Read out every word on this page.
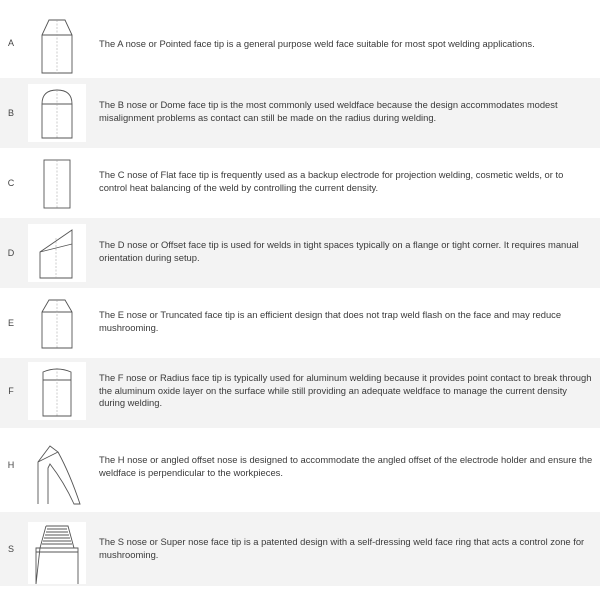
A	The A nose or Pointed face tip is a general purpose weld face suitable for most spot welding applications.
B
The B nose or Dome face tip is the most commonly used weldface because the design accommodates modest misalignment problems as contact can still be made on the radius during welding.
C
The C nose of Flat face tip is frequently used as a backup electrode for projection welding, cosmetic welds, or to control heat balancing of the weld by controlling the current density.
D
The D nose or Offset face tip is used for welds in tight spaces typically on a flange or tight corner. It requires manual orientation during setup.
E
The E nose or Truncated face tip is an efficient design that does not trap weld flash on the face and may reduce mushrooming.
F
The F nose or Radius face tip is typically used for aluminum welding because it provides point contact to break through the aluminum oxide layer on the surface while still providing an adequate weldface to manage the current density during welding.
H	The H nose or angled offset nose is designed to accommodate the angled offset of the electrode holder and ensure the weldface is perpendicular to the workpieces.
S
The S nose or Super nose face tip is a patented design with a self-dressing weld face ring that acts a control zone for mushrooming.
